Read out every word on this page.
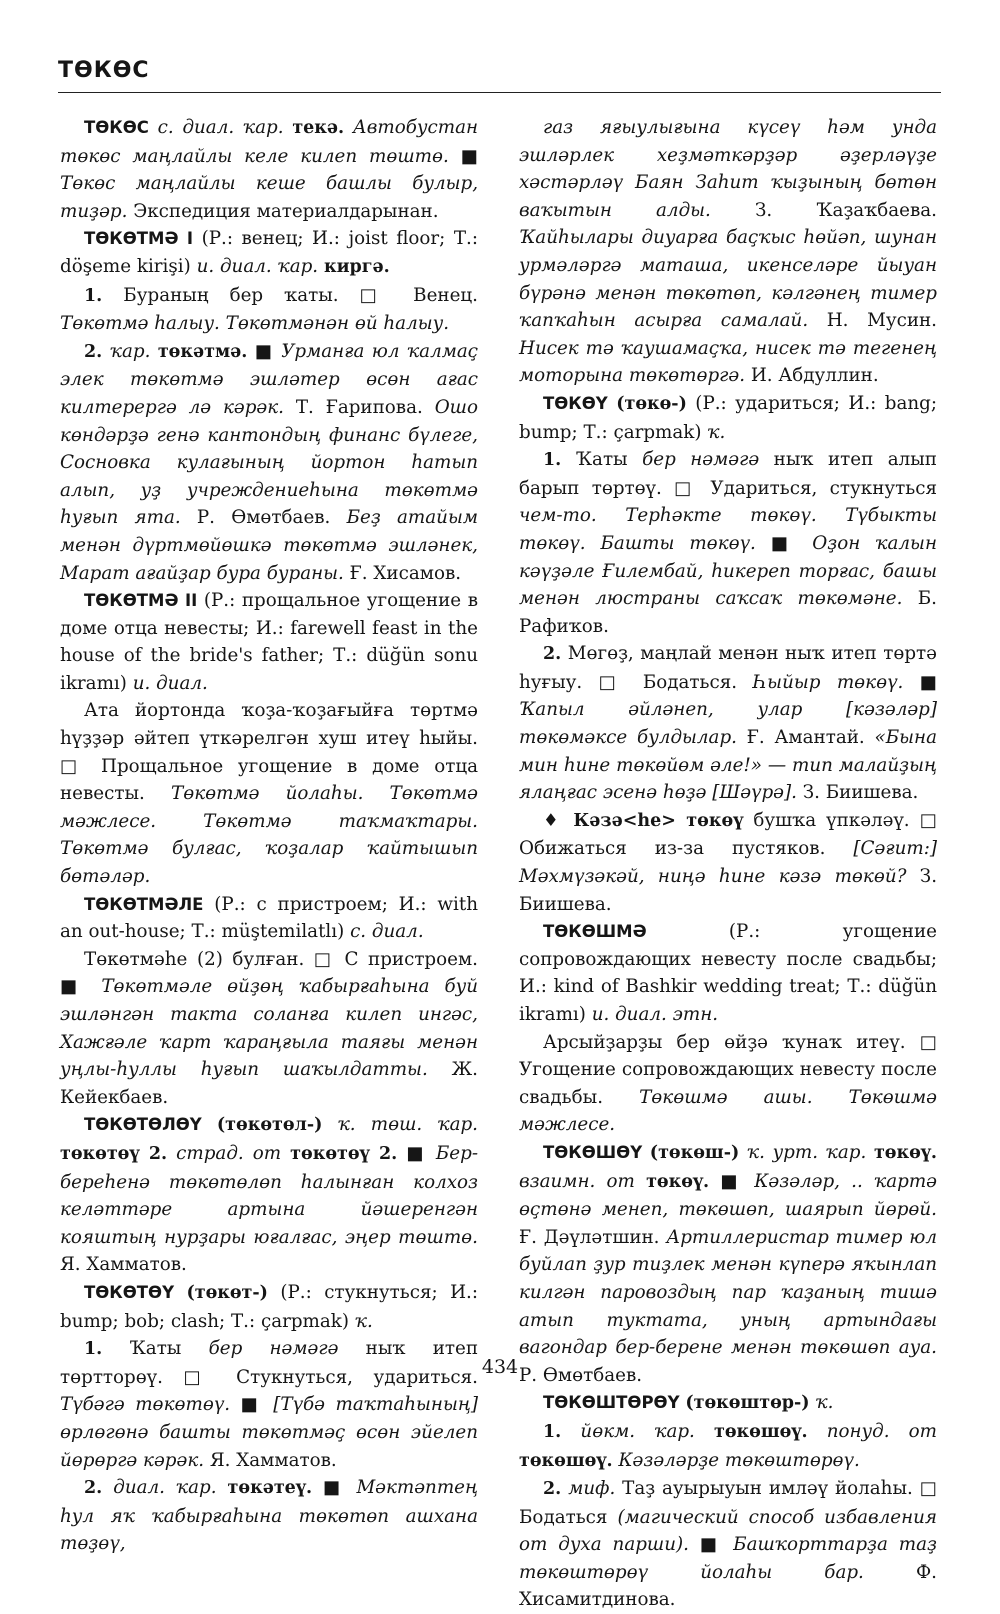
ТӨКӨС

ТӨКӨС с. диал. ҡар. текә. Автобустан төкөс маңлайлы келе килеп төштө. ■ Төкөс маңлайлы кеше башлы булыр, тиҙәр. Экспедиция материалдарынан.

ТӨКӨТМӘ I (Р.: венец; И.: joist floor; Т.: döşeme kirişi) и. диал. ҡар. киргә.

1. Бураның бер ҡаты. □ Венец. Төкөтмә һалыу. Төкөтмәнән өй һалыу.

2. ҡар. төкәтмә. ■ Урманға юл ҡалмаҫ элек төкөтмә эшләтер өсөн ағас килтерергә лә кәрәк. Т. Ғарипова. Ошо көндәрҙә генә кантондың финанс бүлеге, Сосновка кулағының йортон һатып алып, уҙ учреждениеһына төкөтмә һуғып ята. Р. Өмөтбаев. Беҙ атайым менән дүртмөйөшкә төкөтмә эшләнек, Марат ағайҙар бура бураны. Ғ. Хисамов.

ТӨКӨТМӘ II (Р.: прощальное угощение в доме отца невесты; И.: farewell feast in the house of the bride's father; Т.: düğün sonu ikramı) и. диал.

Ата йортонда ҡоҙа-ҡоҙағыйға төртмә һүҙҙәр әйтеп үткәрелгән хуш итеү һыйы. □ Прощальное угощение в доме отца невесты. Төкөтмә йолаһы. Төкөтмә мәжлесе. Төкөтмә таҡмаҡтары. Төкөтмә булғас, ҡоҙалар ҡайтышып бөтәләр.

ТӨКӨТМӘЛЕ (Р.: с пристроем; И.: with an out-house; Т.: müştemilatlı) с. диал.

Төкөтмәһе (2) булған. □ С пристроем. ■ Төкөтмәле өйҙөң ҡабырғаһына буй эшләнгән такта соланға килеп ингәс, Хажғәле ҡарт ҡараңғыла таяғы менән уңлы-һуллы һуғып шаҡылдатты. Ж. Кейекбаев.

ТӨКӨТӨЛӨҮ (төкөтөл-) ҡ. төш. ҡар. төкөтөү 2. страд. от төкөтөү 2. ■ Бер-береһенә төкөтөлөп һалынған колхоз келәттәре артына йәшеренгән кояштың нурҙары юғалғас, эңер төштө. Я. Хамматов.

ТӨКӨТӨҮ (төкөт-) (Р.: стукнуться; И.: bump; bob; clash; Т.: çarpmak) ҡ.

1. Ҡаты бер нәмәгә ныҡ итеп төртторөү. □ Стукнуться, удариться. Түбәгә төкөтөү. ■ [Түбә таҡтаһының] өрлөгөнә башты төкөтмәҫ өсөн эйелеп йөрөргә кәрәк. Я. Хамматов.

2. диал. ҡар. төкәтеү. ■ Мәктәптең һул яҡ ҡабырғаһына төкөтөп ашхана төҙөү,

газ яғыулығына күсеү һәм унда эшләрлек хеҙмәткәрҙәр әҙерләүҙе хәстәрләү Баян Заһит ҡыҙының бөтөн ваҡытын алды. З. Ҡаҙаҡбаева. Ҡайһылары диуарға баҫҡыс һөйәп, шунан урмәләргә маташа, икенселәре йыуан бүрәнә менән төкөтөп, кәлгәнең тимер ҡапҡаһын асырға самалай. Н. Мусин. Нисек тә ҡаушамаҫҡа, нисек тә тегенең моторына төкөтөргә. И. Абдуллин.

ТӨКӨҮ (төкө-) (Р.: удариться; И.: bang; bump; Т.: çarpmak) ҡ.

1. Ҡаты бер нәмәгә ныҡ итеп алып барып төртөү. □ Удариться, стукнуться чем-то. Терһәкте төкөү. Түбыкты төкөү. Башты төкөү. ■ Оҙон ҡалын кәүҙәле Ғилембай, һикереп торғас, башы менән люстраны саҡсаҡ төкөмәне. Б. Рафиҡов.

2. Мөгөҙ, маңлай менән ныҡ итеп төртә һуғыу. □ Бодаться. Һыйыр төкөү. ■ Ҡапыл әйләнеп, улар [кәзәләр] төкөмәксе булдылар. Ғ. Амантай. «Бына мин һине төкөйөм әле!» — тип малайҙың ялаңғас эсенә һөҙә [Шәүрә]. З. Биишева.

♦ Кәзә<he> төкөү бушҡа үпкәләү. □ Обижаться из-за пустяков. [Сәғит:] Мәхмүзәкәй, ниңә һине кәзә төкөй? З. Биишева.

ТӨКӨШМӘ (Р.: угощение сопровождающих невесту после свадьбы; И.: kind of Bashkir wedding treat; Т.: düğün ikramı) и. диал. этн.

Арсыйҙарҙы бер өйҙә ҡунаҡ итеү. □ Угощение сопровождающих невесту после свадьбы. Төкөшмә ашы. Төкөшмә мәжлесе.

ТӨКӨШӨҮ (төкөш-) ҡ. урт. ҡар. төкөү. взаимн. от төкөү. ■ Кәзәләр, .. ҡартә өҫтөнә менеп, төкөшөп, шаярып йөрөй. Ғ. Дәүләтшин. Артиллеристар тимер юл буйлап ҙур тиҙлек менән күперә яҡынлап килгән паровоздың пар ҡаҙаның тишә атып туктата, уның артындағы вагондар бер-берене менән төкөшөп ауа. Р. Өмөтбаев.

ТӨКӨШТӨРӨҮ (төкөштөр-) ҡ.

1. йөкм. ҡар. төкөшөү. понуд. от төкөшөү. Кәзәләрҙе төкөштөрөү.

2. миф. Таҙ ауырыуын имләү йолаһы. □ Бодаться (магический способ избавления от духа парши). ■ Башҡорттарҙа таҙ төкөштөрөү йолаһы бар. Ф. Хисамитдинова.

434
